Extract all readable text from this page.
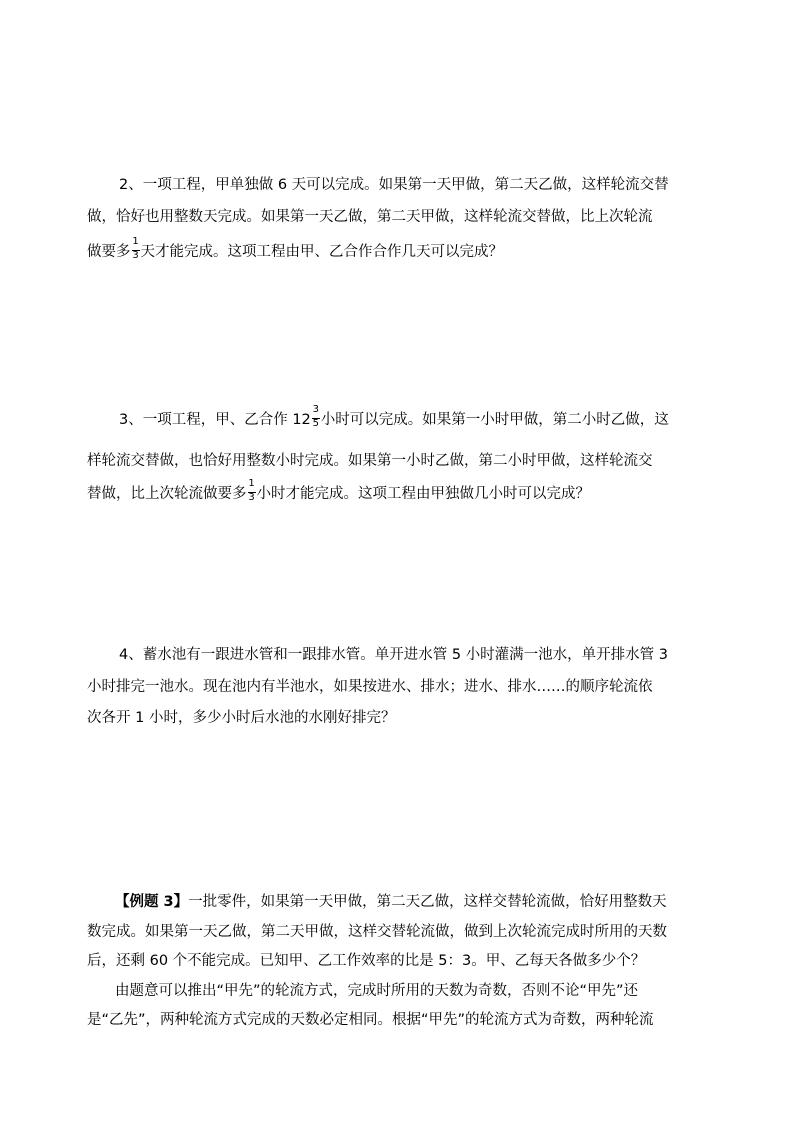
2、一项工程，甲单独做 6 天可以完成。如果第一天甲做，第二天乙做，这样轮流交替
做，恰好也用整数天完成。如果第一天乙做，第二天甲做，这样轮流交替做，比上次轮流
做要多 $\frac{1}{3}$ 天才能完成。这项工程由甲、乙合作合作几天可以完成？
3、一项工程，甲、乙合作 $12 \frac{3}{5}$ 小时可以完成。如果第一小时甲做，第二小时乙做，这
样轮流交替做，也恰好用整数小时完成。如果第一小时乙做，第二小时甲做，这样轮流交
替做，比上次轮流做要多 $\frac{1}{3}$ 小时才能完成。这项工程由甲独做几小时可以完成？
4、蓄水池有一跟进水管和一跟排水管。单开进水管 5 小时灌满一池水，单开排水管 3
小时排完一池水。现在池内有半池水，如果按进水、排水；进水、排水……的顺序轮流依
次各开 1 小时，多少小时后水池的水刚好排完？
【例题 3】一批零件，如果第一天甲做，第二天乙做，这样交替轮流做，恰好用整数天
数完成。如果第一天乙做，第二天甲做，这样交替轮流做，做到上次轮流完成时所用的天数
后，还剩 60 个不能完成。已知甲、乙工作效率的比是 5：3。甲、乙每天各做多少个？
由题意可以推出“甲先”的轮流方式，完成时所用的天数为奇数，否则不论“甲先”还
是“乙先”，两种轮流方式完成的天数必定相同。根据“甲先”的轮流方式为奇数，两种轮流
